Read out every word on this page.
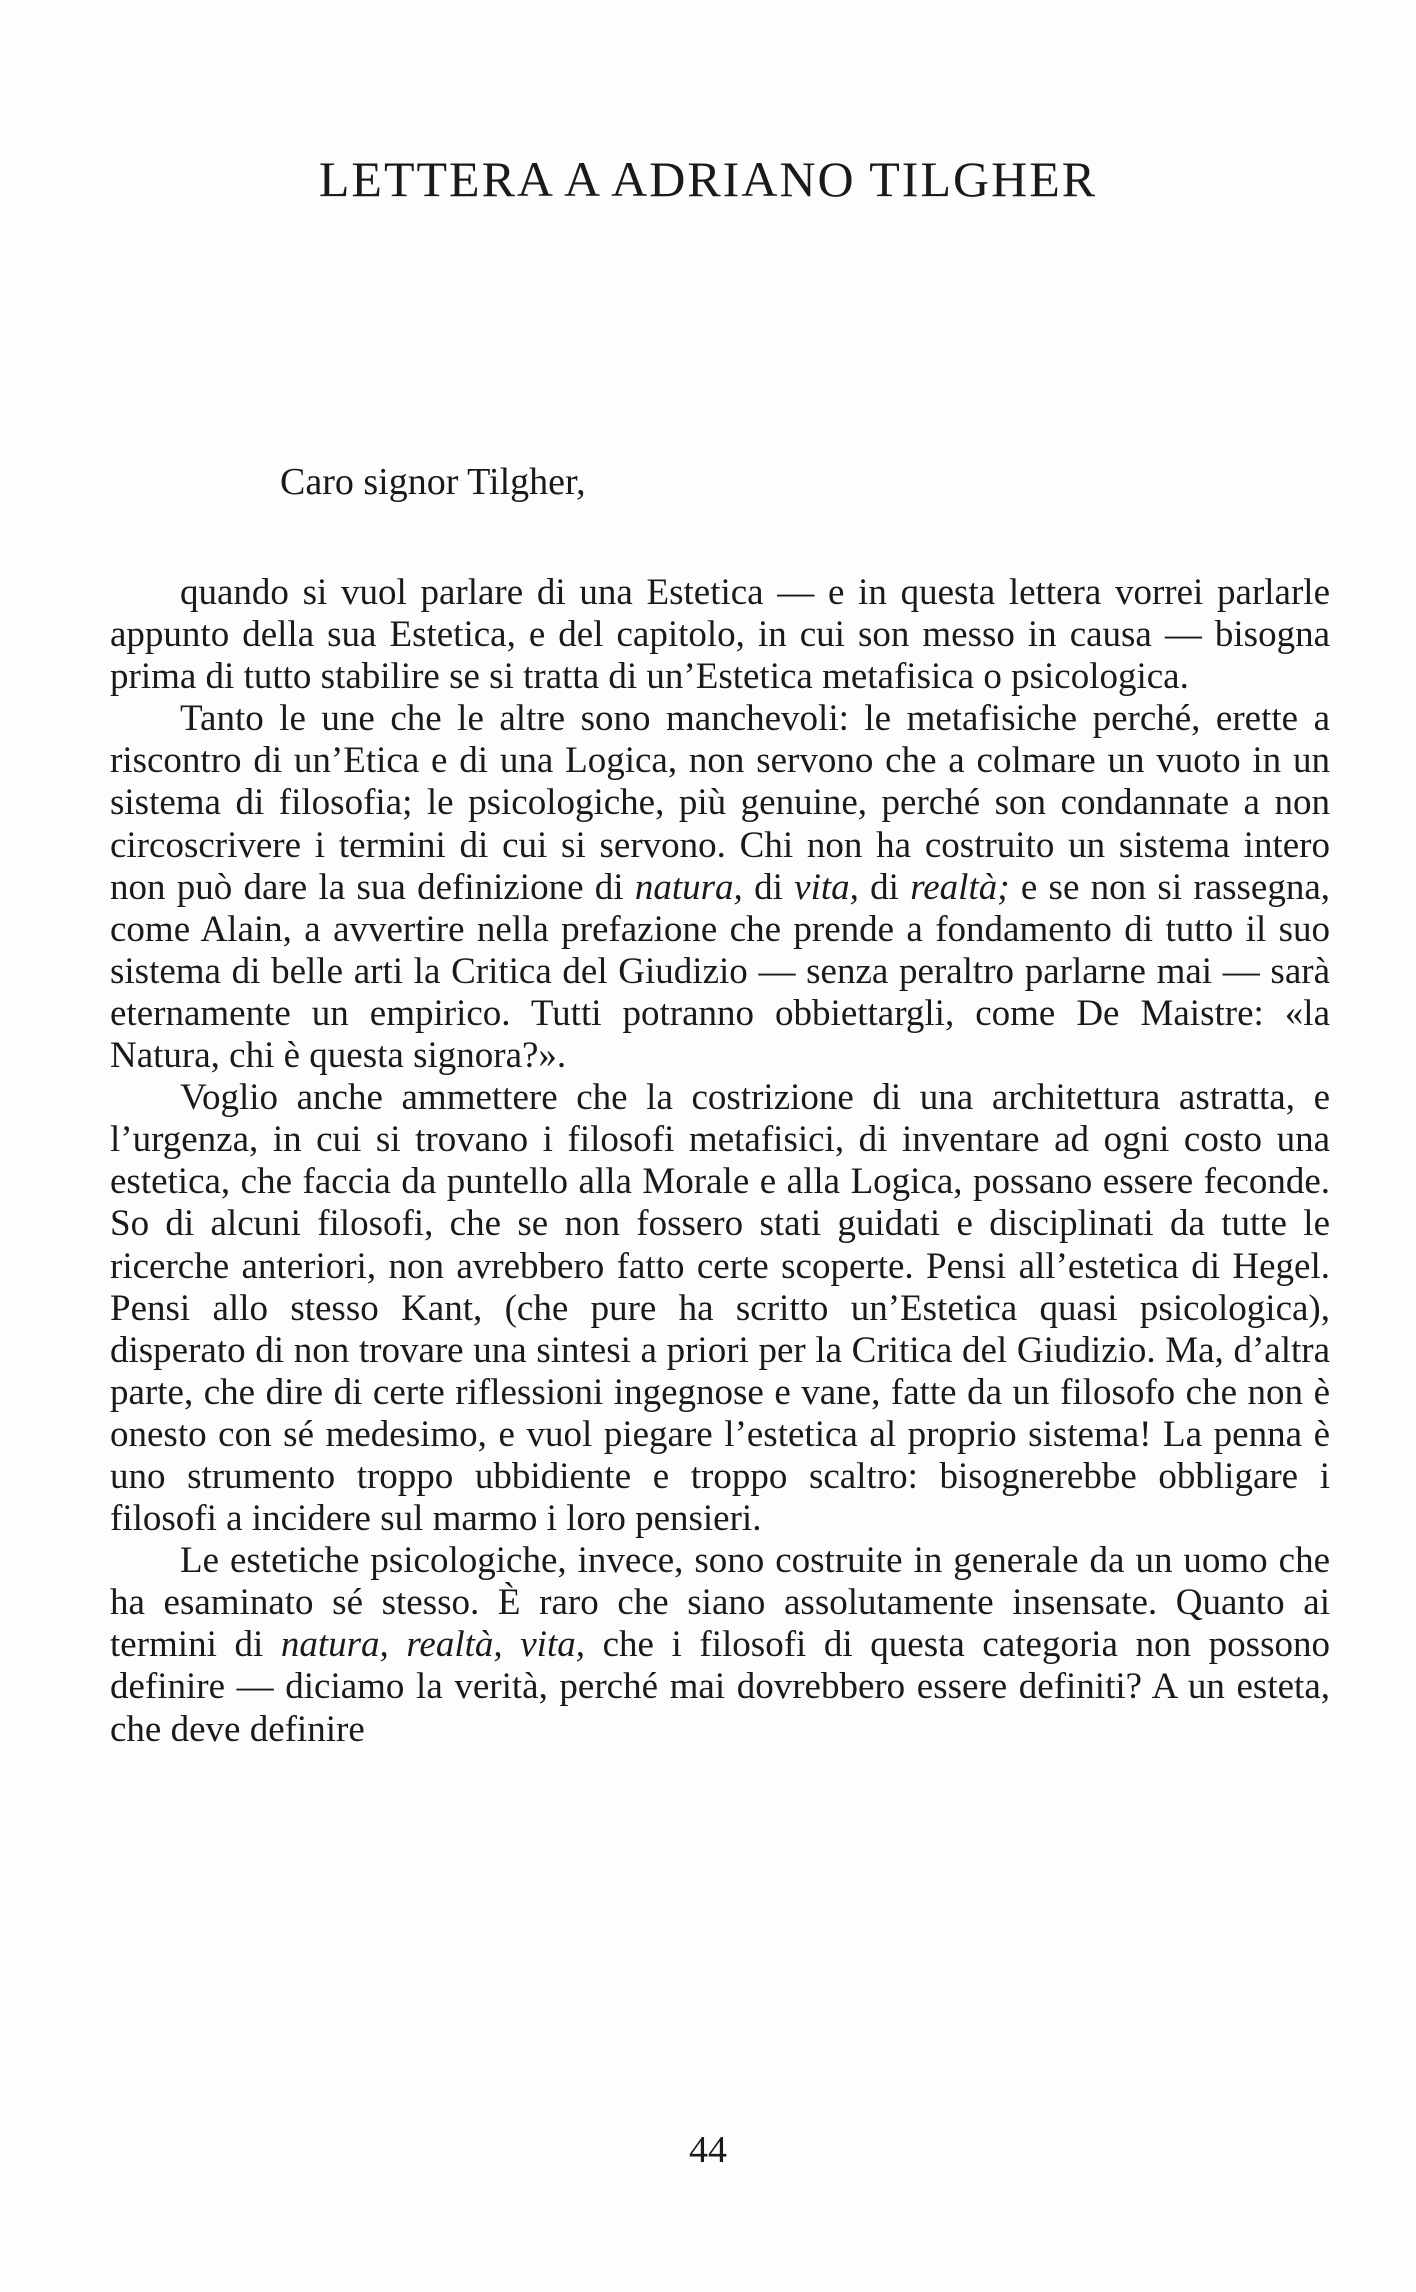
LETTERA A ADRIANO TILGHER

Caro signor Tilgher,

quando si vuol parlare di una Estetica — e in questa lettera vorrei parlarle appunto della sua Estetica, e del capitolo, in cui son messo in causa — bisogna prima di tutto stabilire se si tratta di un’Estetica metafisica o psicologica.

Tanto le une che le altre sono manchevoli: le metafisiche perché, erette a riscontro di un’Etica e di una Logica, non servono che a colmare un vuoto in un sistema di filosofia; le psicologiche, più genuine, perché son condannate a non circoscrivere i termini di cui si servono. Chi non ha costruito un sistema intero non può dare la sua definizione di natura, di vita, di realtà; e se non si rassegna, come Alain, a avvertire nella prefazione che prende a fondamento di tutto il suo sistema di belle arti la Critica del Giudizio — senza peraltro parlarne mai — sarà eternamente un empirico. Tutti potranno obbiettargli, come De Maistre: «la Natura, chi è questa signora?».

Voglio anche ammettere che la costrizione di una architettura astratta, e l’urgenza, in cui si trovano i filosofi metafisici, di inventare ad ogni costo una estetica, che faccia da puntello alla Morale e alla Logica, possano essere feconde. So di alcuni filosofi, che se non fossero stati guidati e disciplinati da tutte le ricerche anteriori, non avrebbero fatto certe scoperte. Pensi all’estetica di Hegel. Pensi allo stesso Kant, (che pure ha scritto un’Estetica quasi psicologica), disperato di non trovare una sintesi a priori per la Critica del Giudizio. Ma, d’altra parte, che dire di certe riflessioni ingegnose e vane, fatte da un filosofo che non è onesto con sé medesimo, e vuol piegare l’estetica al proprio sistema! La penna è uno strumento troppo ubbidiente e troppo scaltro: bisognerebbe obbligare i filosofi a incidere sul marmo i loro pensieri.

Le estetiche psicologiche, invece, sono costruite in generale da un uomo che ha esaminato sé stesso. È raro che siano assolutamente insensate. Quanto ai termini di natura, realtà, vita, che i filosofi di questa categoria non possono definire — diciamo la verità, perché mai dovrebbero essere definiti? A un esteta, che deve definire

44
